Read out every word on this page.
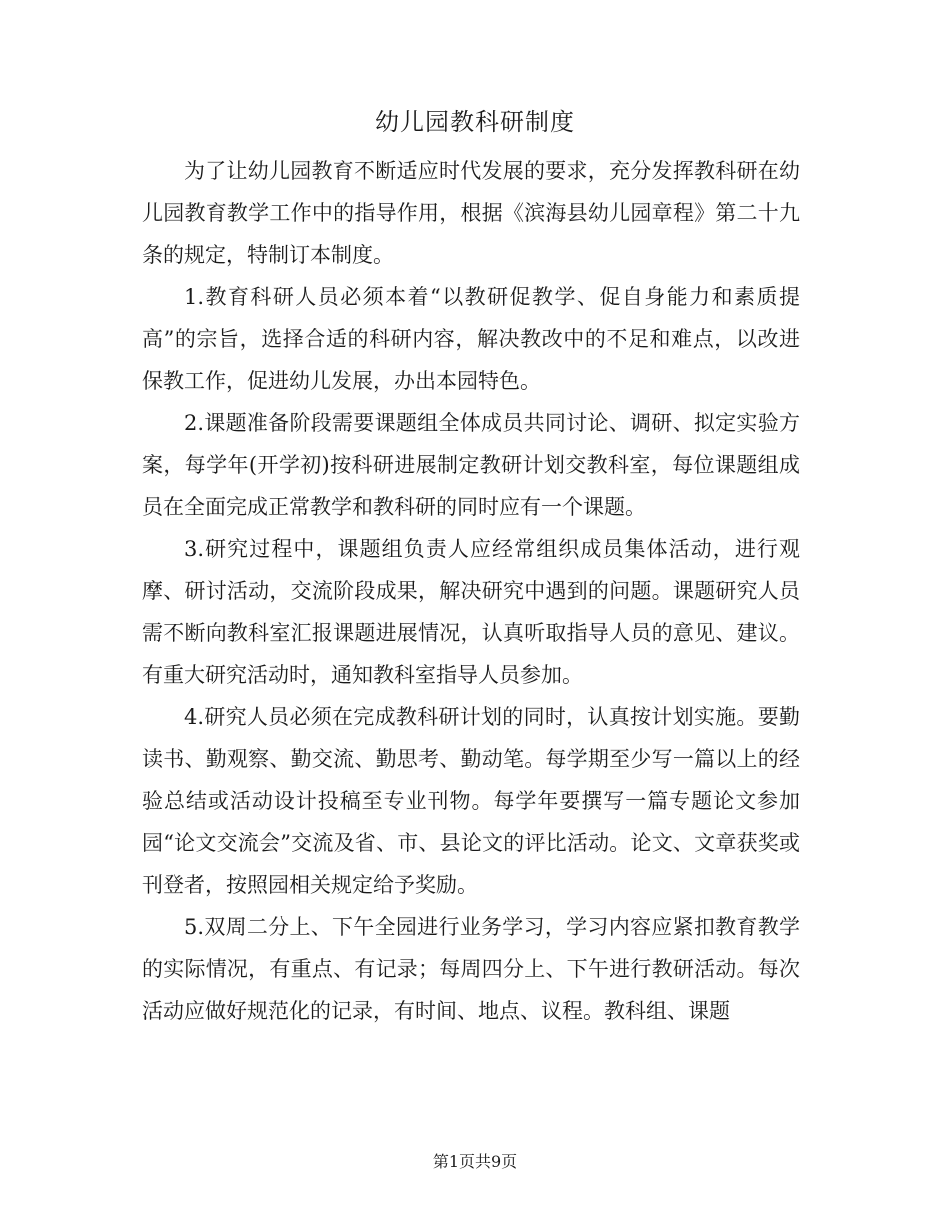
幼儿园教科研制度

为了让幼儿园教育不断适应时代发展的要求，充分发挥教科研在幼儿园教育教学工作中的指导作用，根据《滨海县幼儿园章程》第二十九条的规定，特制订本制度。

1.教育科研人员必须本着“以教研促教学、促自身能力和素质提高”的宗旨，选择合适的科研内容，解决教改中的不足和难点，以改进保教工作，促进幼儿发展，办出本园特色。

2.课题准备阶段需要课题组全体成员共同讨论、调研、拟定实验方案，每学年(开学初)按科研进展制定教研计划交教科室，每位课题组成员在全面完成正常教学和教科研的同时应有一个课题。

3.研究过程中，课题组负责人应经常组织成员集体活动，进行观摩、研讨活动，交流阶段成果，解决研究中遇到的问题。课题研究人员需不断向教科室汇报课题进展情况，认真听取指导人员的意见、建议。有重大研究活动时，通知教科室指导人员参加。

4.研究人员必须在完成教科研计划的同时，认真按计划实施。要勤读书、勤观察、勤交流、勤思考、勤动笔。每学期至少写一篇以上的经验总结或活动设计投稿至专业刊物。每学年要撰写一篇专题论文参加园“论文交流会”交流及省、市、县论文的评比活动。论文、文章获奖或刊登者，按照园相关规定给予奖励。

5.双周二分上、下午全园进行业务学习，学习内容应紧扣教育教学的实际情况，有重点、有记录；每周四分上、下午进行教研活动。每次活动应做好规范化的记录，有时间、地点、议程。教科组、课题

第1页共9页
